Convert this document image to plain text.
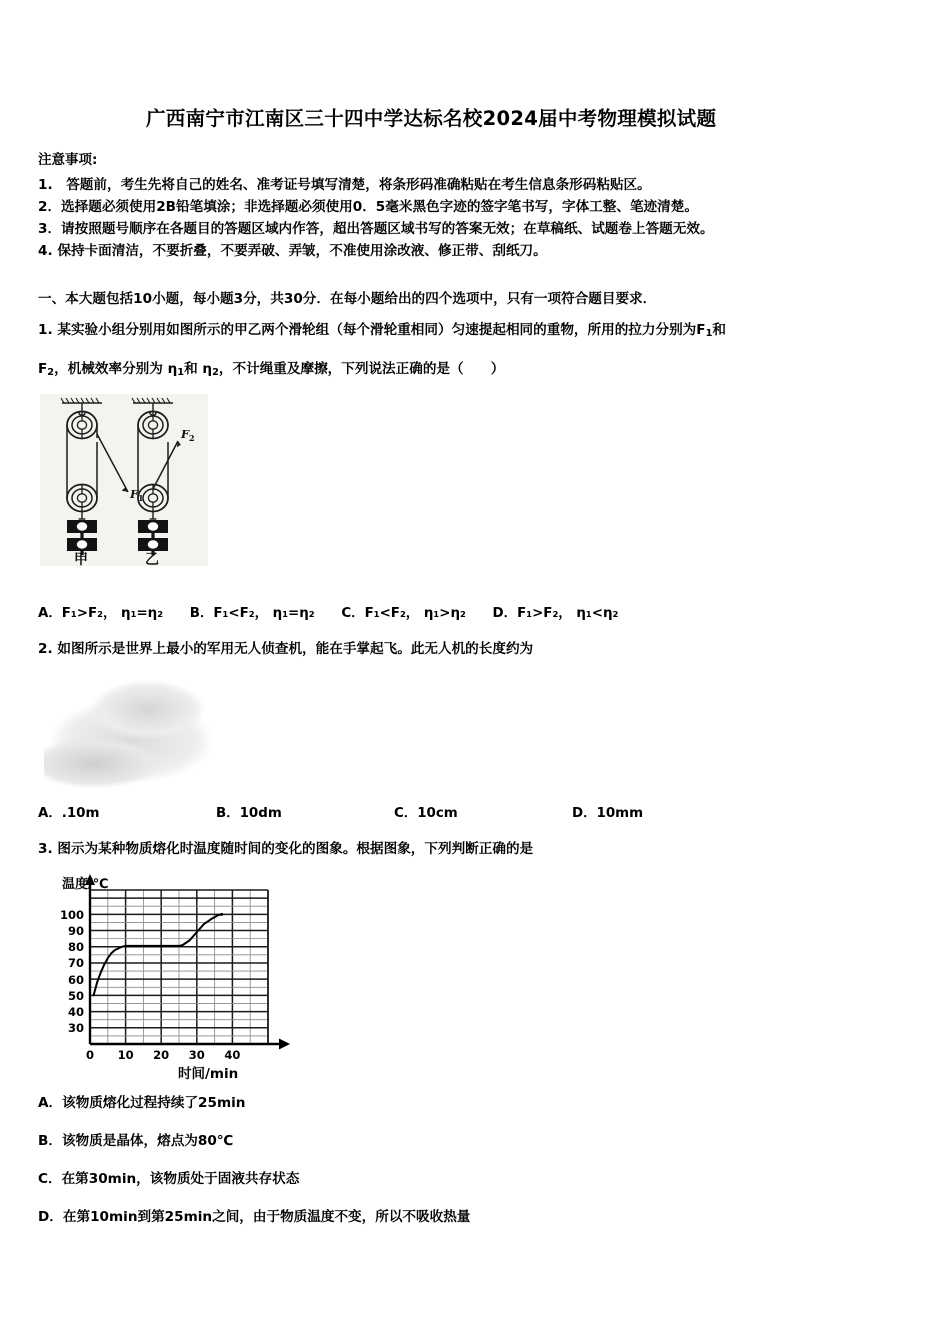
广西南宁市江南区三十四中学达标名校2024届中考物理模拟试题
注意事项:
1.　答题前，考生先将自己的姓名、准考证号填写清楚，将条形码准确粘贴在考生信息条形码粘贴区。
2．选择题必须使用2B铅笔填涂；非选择题必须使用0．5毫米黑色字迹的签字笔书写，字体工整、笔迹清楚。
3．请按照题号顺序在各题目的答题区域内作答，超出答题区域书写的答案无效；在草稿纸、试题卷上答题无效。
4. 保持卡面清洁，不要折叠，不要弄破、弄皱，不准使用涂改液、修正带、刮纸刀。
一、本大题包括10小题，每小题3分，共30分．在每小题给出的四个选项中，只有一项符合题目要求．
1. 某实验小组分别用如图所示的甲乙两个滑轮组（每个滑轮重相同）匀速提起相同的重物，所用的拉力分别为$F_1$和
$F_2$，机械效率分别为 $\eta_1$和 $\eta_2$，不计绳重及摩擦，下列说法正确的是（　　）
F 1
甲
F 2
乙
A．F₁>F₂， η₁=η₂ B．F₁<F₂， η₁=η₂ C．F₁<F₂， η₁>η₂ D．F₁>F₂， η₁<η₂
2. 如图所示是世界上最小的军用无人侦查机，能在手掌起飞。此无人机的长度约为
A．.10m	B．10dm	C．10cm	D．10mm
3. 图示为某种物质熔化时温度随时间的变化的图象。根据图象，下列判断正确的是
温度/℃
时间/min
30
40
50
60
70
80
90
100
0	10	20	30	40
A．该物质熔化过程持续了25min
B．该物质是晶体，熔点为80℃
C．在第30min，该物质处于固液共存状态
D．在第10min到第25min之间，由于物质温度不变，所以不吸收热量
